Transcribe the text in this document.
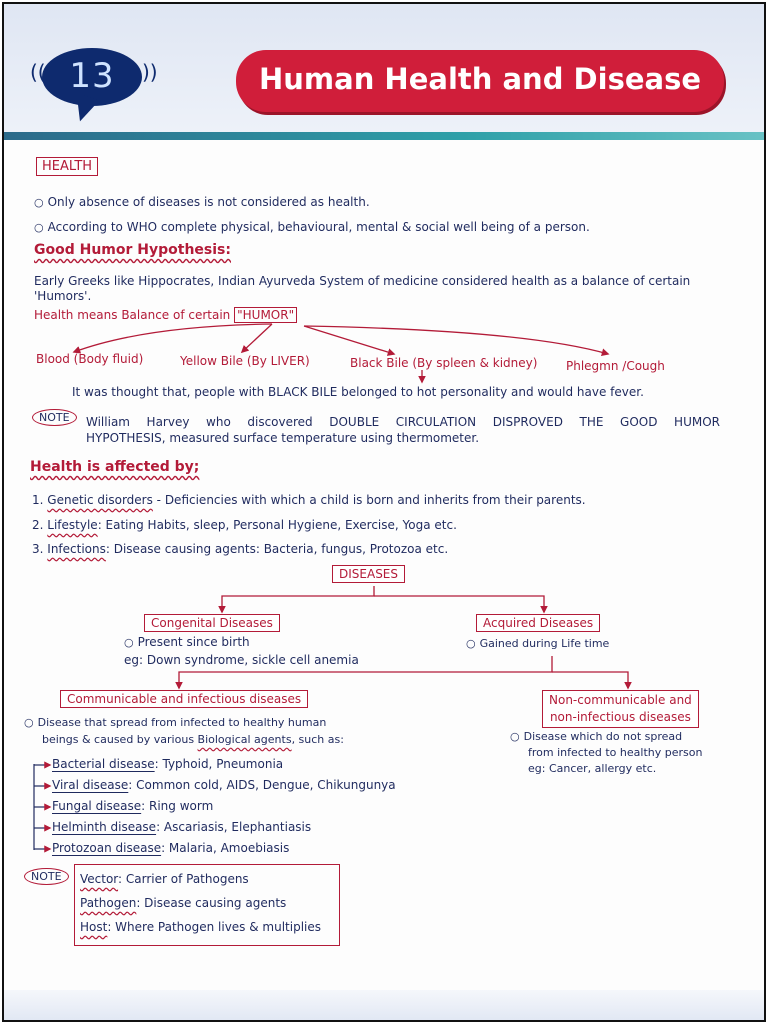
13
((	))	Human Health and Disease
HEALTH
○ Only absence of diseases is not considered as health.
○ According to WHO complete physical, behavioural, mental & social well being of a person.
Good Humor Hypothesis:
Early Greeks like Hippocrates, Indian Ayurveda System of medicine considered health as a balance of certain
'Humors'.
Health means Balance of certain "HUMOR"
Blood (Body fluid)	Yellow Bile (By LIVER)	Black Bile (By spleen & kidney) Phlegmn /Cough
It was thought that, people with BLACK BILE belonged to hot personality and would have fever.
NOTE	William Harvey who discovered DOUBLE CIRCULATION DISPROVED THE GOOD HUMOR
HYPOTHESIS, measured surface temperature using thermometer.
Health is affected by;
1. Genetic disorders - Deficiencies with which a child is born and inherits from their parents.
2. Lifestyle: Eating Habits, sleep, Personal Hygiene, Exercise, Yoga etc.
3. Infections: Disease causing agents: Bacteria, fungus, Protozoa etc.
DISEASES
Congenital Diseases
○ Present since birth
eg: Down syndrome, sickle cell anemia
Acquired Diseases
○ Gained during Life time
Communicable and infectious diseases
○ Disease that spread from infected to healthy human
beings & caused by various Biological agents, such as:
Bacterial disease: Typhoid, Pneumonia
Viral disease: Common cold, AIDS, Dengue, Chikungunya
Fungal disease: Ring worm
Helminth disease: Ascariasis, Elephantiasis
Protozoan disease: Malaria, Amoebiasis
Non-communicable and
non-infectious diseases
○ Disease which do not spread
from infected to healthy person
eg: Cancer, allergy etc.
NOTE	Vector: Carrier of Pathogens
Pathogen: Disease causing agents
Host: Where Pathogen lives & multiplies
